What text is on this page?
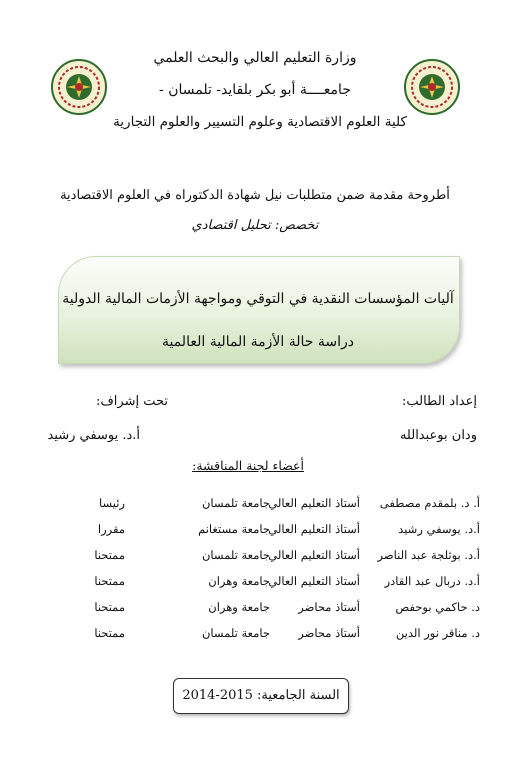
وزارة التعليم العالي والبحث العلمي
جامعــــة أبو بكر بلقايد- تلمسان -
كلية العلوم الاقتصادية وعلوم التسيير والعلوم التجارية
أطروحة مقدمة ضمن متطلبات نيل شهادة الدكتوراه في العلوم الاقتصادية
تخصص: تحليل اقتصادي
آليات المؤسسات النقدية في التوقي ومواجهة الأزمات المالية الدولية
دراسة حالة الأزمة المالية العالمية
إعداد الطالب:
ودان بوعبدالله
تحت إشراف:
أ.د. يوسفي رشيد
أعضاء لجنة المناقشة:
أ. د. بلمقدم مصطفى
أستاذ التعليم العالي
جامعة تلمسان
رئيسا
أ.د. يوسفي رشيد
أستاذ التعليم العالي
جامعة مستغانم
مقررا
أ.د. بوثلجة عبد الناصر
أستاذ التعليم العالي
جامعة تلمسان
ممتحنا
أ.د. دربال عبد القادر
أستاذ التعليم العالي
جامعة وهران
ممتحنا
د. حاكمي بوحفص
أستاذ محاضر
جامعة وهران
ممتحنا
د. مناقر نور الدين
أستاذ محاضر
جامعة تلمسان
ممتحنا
السنة الجامعية: 2015-2014
